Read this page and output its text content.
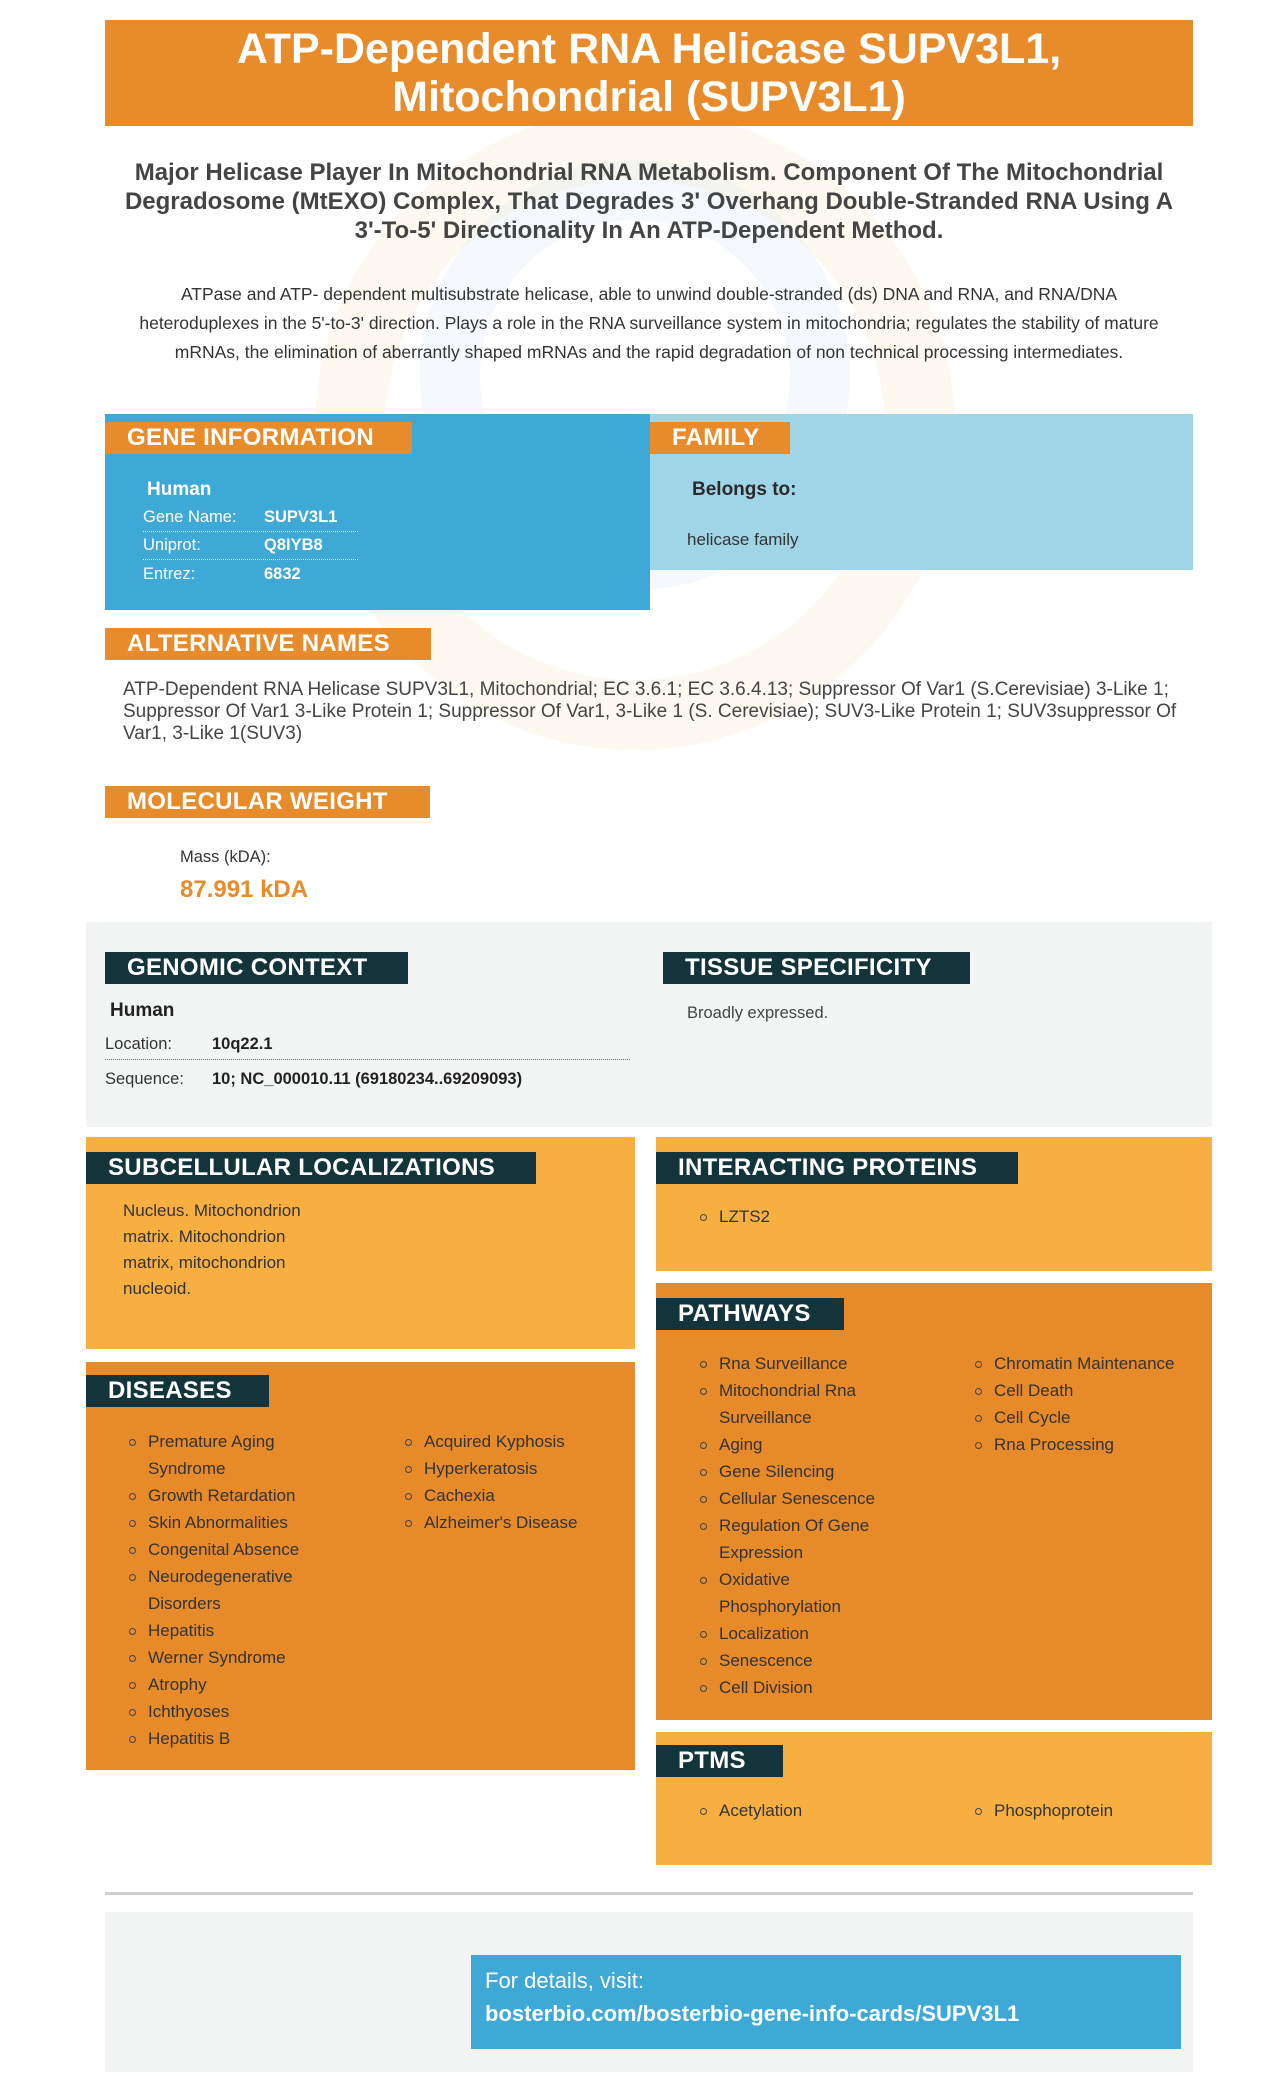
ATP-Dependent RNA Helicase SUPV3L1, Mitochondrial (SUPV3L1)
Major Helicase Player In Mitochondrial RNA Metabolism. Component Of The Mitochondrial Degradosome (MtEXO) Complex, That Degrades 3' Overhang Double-Stranded RNA Using A 3'-To-5' Directionality In An ATP-Dependent Method.
ATPase and ATP- dependent multisubstrate helicase, able to unwind double-stranded (ds) DNA and RNA, and RNA/DNA heteroduplexes in the 5'-to-3' direction. Plays a role in the RNA surveillance system in mitochondria; regulates the stability of mature mRNAs, the elimination of aberrantly shaped mRNAs and the rapid degradation of non technical processing intermediates.
GENE INFORMATION
Human
Gene Name:	SUPV3L1
Uniprot:	Q8IYB8
Entrez:	6832
FAMILY
Belongs to:
helicase family
ALTERNATIVE NAMES
ATP-Dependent RNA Helicase SUPV3L1, Mitochondrial; EC 3.6.1; EC 3.6.4.13; Suppressor Of Var1 (S.Cerevisiae) 3-Like 1; Suppressor Of Var1 3-Like Protein 1; Suppressor Of Var1, 3-Like 1 (S. Cerevisiae); SUV3-Like Protein 1; SUV3suppressor Of Var1, 3-Like 1(SUV3)
MOLECULAR WEIGHT
Mass (kDA):
87.991 kDA
GENOMIC CONTEXT
Human
Location:	10q22.1
Sequence:	10; NC_000010.11 (69180234..69209093)
TISSUE SPECIFICITY
Broadly expressed.
SUBCELLULAR LOCALIZATIONS
Nucleus. Mitochondrion matrix. Mitochondrion matrix, mitochondrion nucleoid.
INTERACTING PROTEINS
LZTS2
DISEASES
Premature Aging Syndrome
Growth Retardation
Skin Abnormalities
Congenital Absence
Neurodegenerative Disorders
Hepatitis
Werner Syndrome
Atrophy
Ichthyoses
Hepatitis B
Acquired Kyphosis
Hyperkeratosis
Cachexia
Alzheimer's Disease
PATHWAYS
Rna Surveillance
Mitochondrial Rna Surveillance
Aging
Gene Silencing
Cellular Senescence
Regulation Of Gene Expression
Oxidative Phosphorylation
Localization
Senescence
Cell Division
Chromatin Maintenance
Cell Death
Cell Cycle
Rna Processing
PTMS
Acetylation	Phosphoprotein
For details, visit:
bosterbio.com/bosterbio-gene-info-cards/SUPV3L1
